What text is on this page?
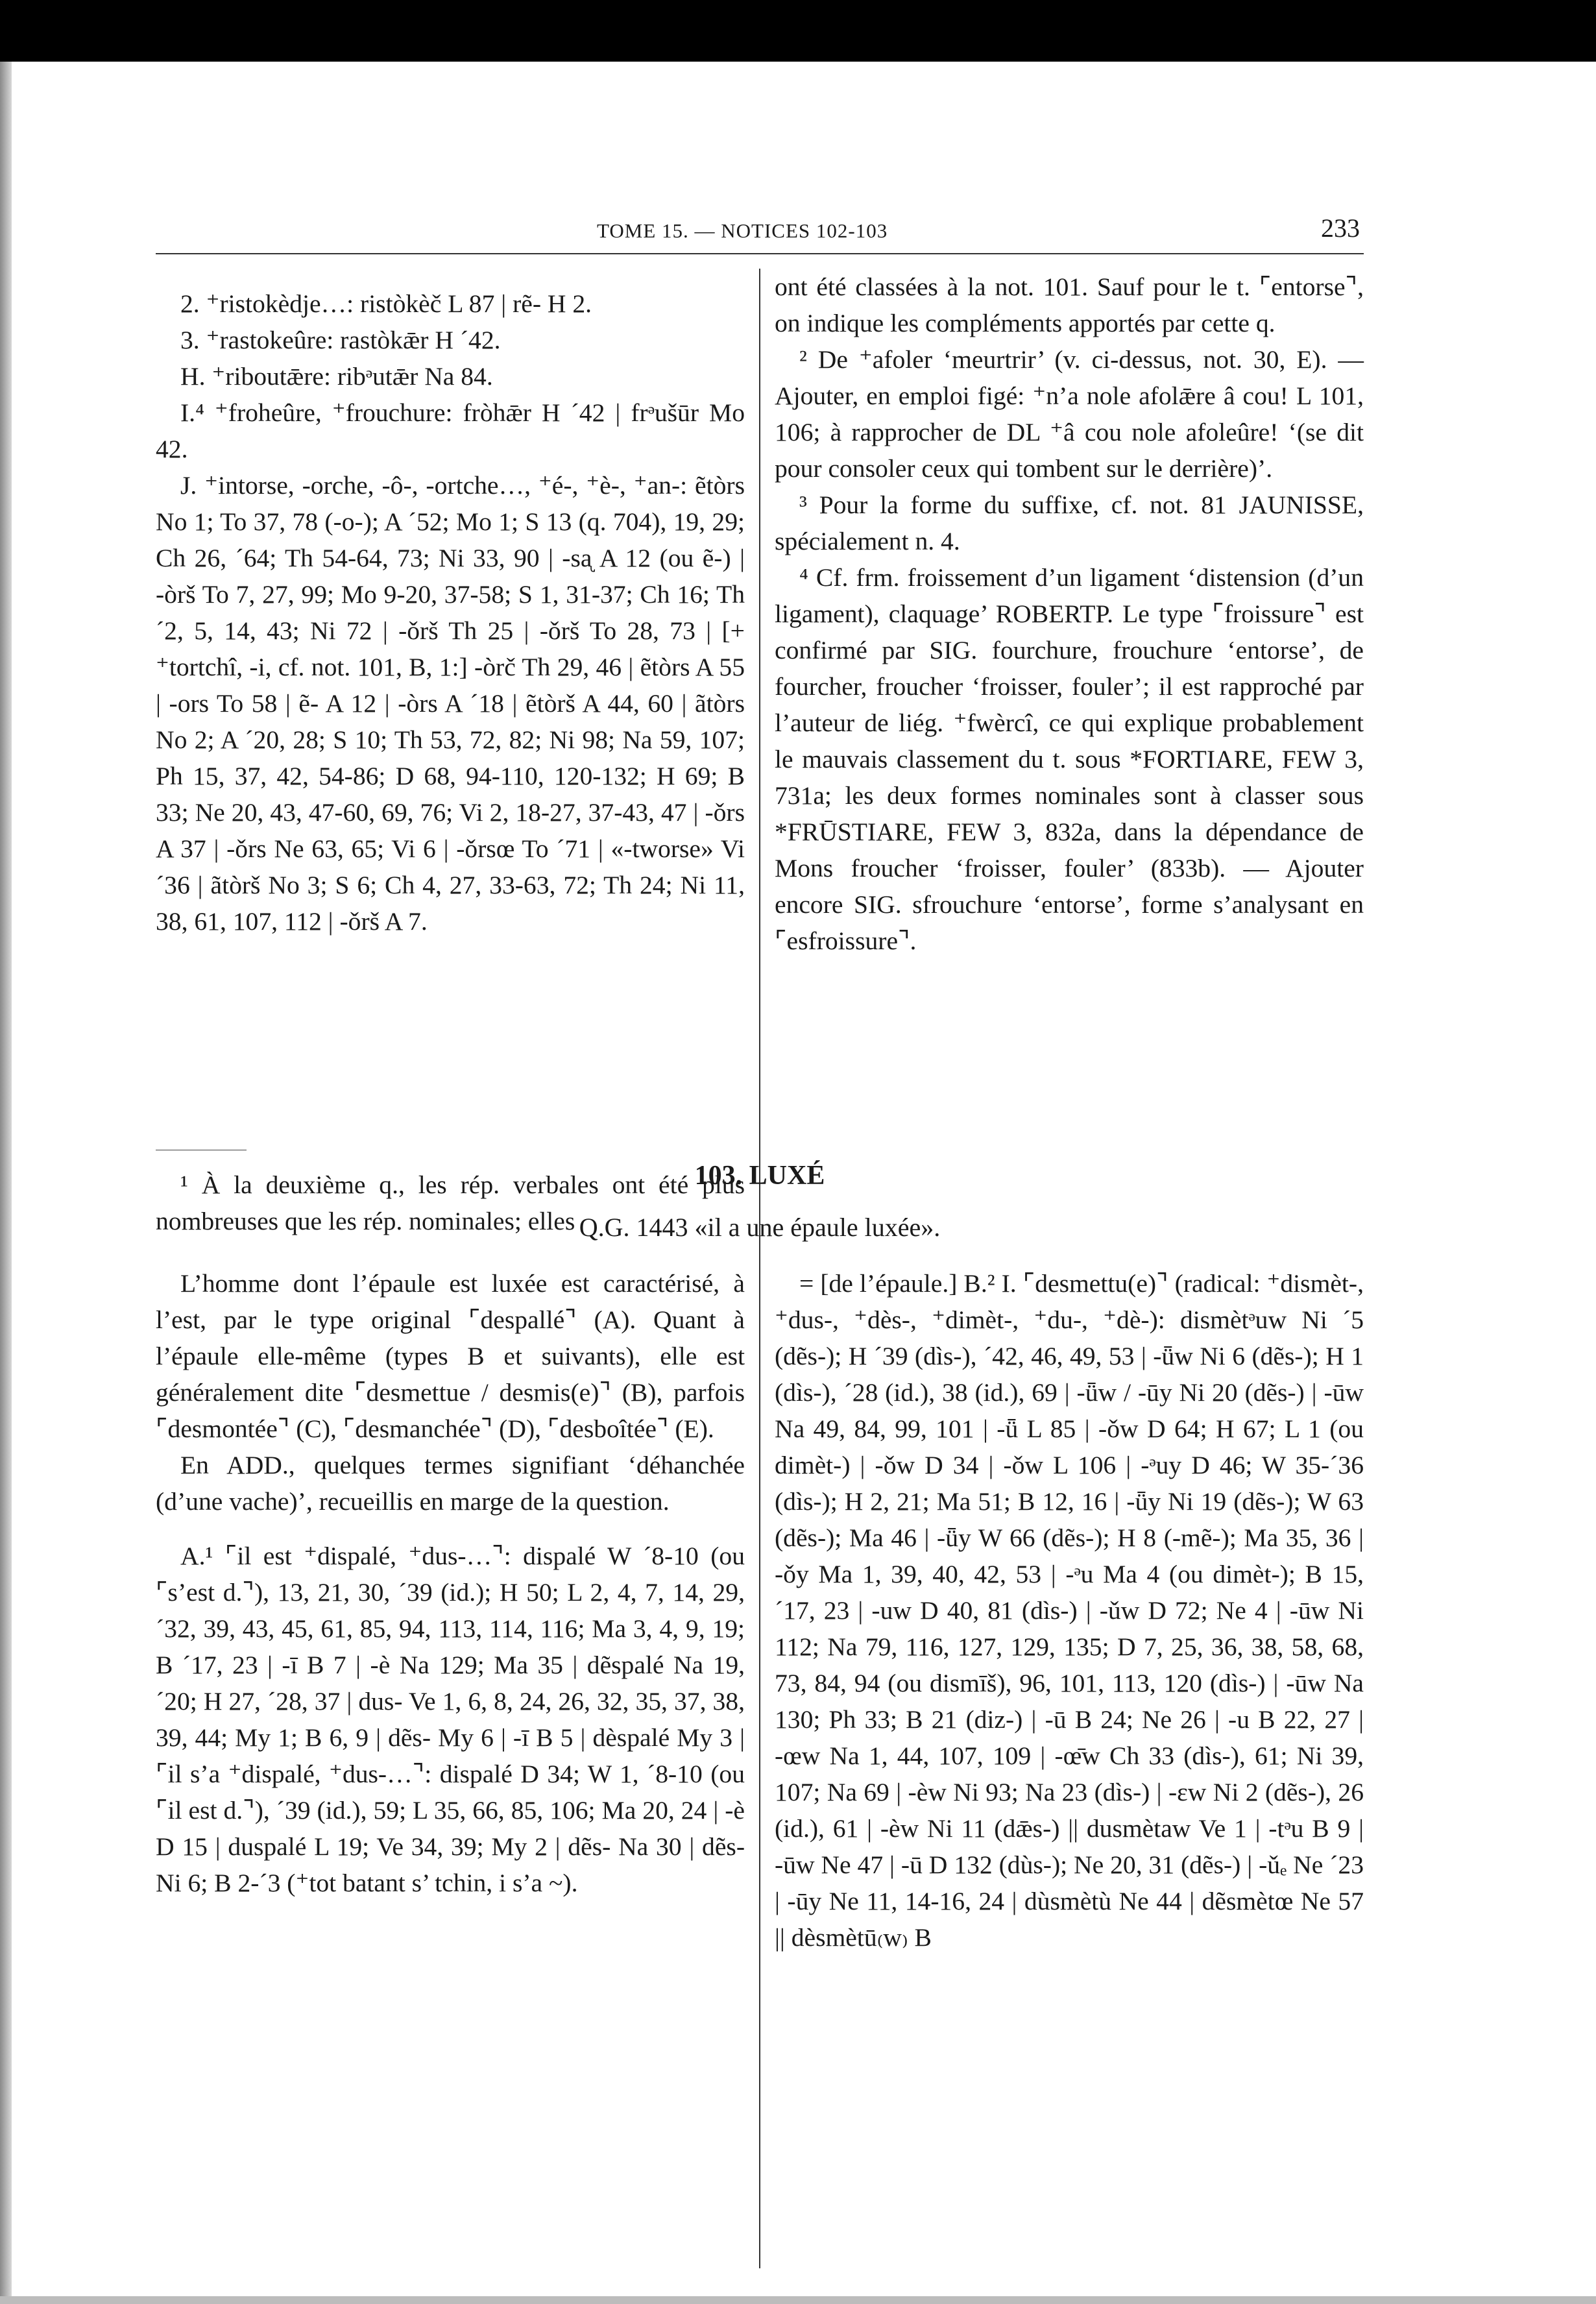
TOME 15. — NOTICES 102-103	233

2. ⁺ristokèdje…: ristòkèč L 87 | rẽ- H 2.

3. ⁺rastokeûre: rastòkǣr H ´42.

H. ⁺riboutǣre: ribᵊutǣr Na 84.

I.⁴ ⁺froheûre, ⁺frouchure: fròhǣr H ´42 | frᵊušūr Mo 42.

J. ⁺intorse, -orche, -ô-, -ortche…, ⁺é-, ⁺è-, ⁺an-: ẽtòrs No 1; To 37, 78 (-o-); A ´52; Mo 1; S 13 (q. 704), 19, 29; Ch 26, ´64; Th 54-64, 73; Ni 33, 90 | -sᶏ A 12 (ou ẽ-) | -òrš To 7, 27, 99; Mo 9-20, 37-58; S 1, 31-37; Ch 16; Th ´2, 5, 14, 43; Ni 72 | -ǒrš Th 25 | -ǒrš To 28, 73 | [+ ⁺tortchî, -i, cf. not. 101, B, 1:] -òrč Th 29, 46 | ẽtòrs A 55 | -ors To 58 | ẽ- A 12 | -òrs A ´18 | ẽtòrš A 44, 60 | ãtòrs No 2; A ´20, 28; S 10; Th 53, 72, 82; Ni 98; Na 59, 107; Ph 15, 37, 42, 54-86; D 68, 94-110, 120-132; H 69; B 33; Ne 20, 43, 47-60, 69, 76; Vi 2, 18-27, 37-43, 47 | -ǒrs A 37 | -ǒrs Ne 63, 65; Vi 6 | -ǒrsœ To ´71 | «-tworse» Vi ´36 | ãtòrš No 3; S 6; Ch 4, 27, 33-63, 72; Th 24; Ni 11, 38, 61, 107, 112 | -ǒrš A 7.

¹ À la deuxième q., les rép. verbales ont été plus nombreuses que les rép. nominales; elles

ont été classées à la not. 101. Sauf pour le t. ⌜entorse⌝, on indique les compléments apportés par cette q.

² De ⁺afoler ‘meurtrir’ (v. ci-dessus, not. 30, E). — Ajouter, en emploi figé: ⁺n’a nole afolǣre â cou! L 101, 106; à rapprocher de DL ⁺â cou nole afoleûre! ‘(se dit pour consoler ceux qui tombent sur le derrière)’.

³ Pour la forme du suffixe, cf. not. 81 JAUNISSE, spécialement n. 4.

⁴ Cf. frm. froissement d’un ligament ‘distension (d’un ligament), claquage’ ROBERTP. Le type ⌜froissure⌝ est confirmé par SIG. fourchure, frouchure ‘entorse’, de fourcher, froucher ‘froisser, fouler’; il est rapproché par l’auteur de liég. ⁺fwèrcî, ce qui explique probablement le mauvais classement du t. sous *FORTIARE, FEW 3, 731a; les deux formes nominales sont à classer sous *FRŪSTIARE, FEW 3, 832a, dans la dépendance de Mons froucher ‘froisser, fouler’ (833b). — Ajouter encore SIG. sfrouchure ‘entorse’, forme s’analysant en ⌜esfroissure⌝.

103. LUXÉ
Q.G. 1443 «il a une épaule luxée».

L’homme dont l’épaule est luxée est caractérisé, à l’est, par le type original ⌜despallé⌝ (A). Quant à l’épaule elle-même (types B et suivants), elle est généralement dite ⌜desmettue / desmis(e)⌝ (B), parfois ⌜desmontée⌝ (C), ⌜desmanchée⌝ (D), ⌜desboîtée⌝ (E).

En ADD., quelques termes signifiant ‘déhanchée (d’une vache)’, recueillis en marge de la question.

A.¹ ⌜il est ⁺dispalé, ⁺dus-…⌝: dispalé W ´8-10 (ou ⌜s’est d.⌝), 13, 21, 30, ´39 (id.); H 50; L 2, 4, 7, 14, 29, ´32, 39, 43, 45, 61, 85, 94, 113, 114, 116; Ma 3, 4, 9, 19; B ´17, 23 | -ī B 7 | -è Na 129; Ma 35 | dẽspalé Na 19, ´20; H 27, ´28, 37 | dus- Ve 1, 6, 8, 24, 26, 32, 35, 37, 38, 39, 44; My 1; B 6, 9 | dẽs- My 6 | -ī B 5 | dèspalé My 3 | ⌜il s’a ⁺dispalé, ⁺dus-…⌝: dispalé D 34; W 1, ´8-10 (ou ⌜il est d.⌝), ´39 (id.), 59; L 35, 66, 85, 106; Ma 20, 24 | -è D 15 | duspalé L 19; Ve 34, 39; My 2 | dẽs- Na 30 | dẽs- Ni 6; B 2-´3 (⁺tot batant s’ tchin, i s’a ~).

= [de l’épaule.] B.² I. ⌜desmettu(e)⌝ (radical: ⁺dismèt-, ⁺dus-, ⁺dès-, ⁺dimèt-, ⁺du-, ⁺dè-): dismètᵊuw Ni ´5 (dẽs-); H ´39 (dìs-), ´42, 46, 49, 53 | -ǖw Ni 6 (dẽs-); H 1 (dìs-), ´28 (id.), 38 (id.), 69 | -ǖw / -ūy Ni 20 (dẽs-) | -ūw Na 49, 84, 99, 101 | -ǖ L 85 | -ǒw D 64; H 67; L 1 (ou dimèt-) | -ǒw D 34 | -ǒw L 106 | -ᵊuy D 46; W 35-´36 (dìs-); H 2, 21; Ma 51; B 12, 16 | -ǖy Ni 19 (dẽs-); W 63 (dẽs-); Ma 46 | -ǖy W 66 (dẽs-); H 8 (-mẽ-); Ma 35, 36 | -ǒy Ma 1, 39, 40, 42, 53 | -ᵊu Ma 4 (ou dimèt-); B 15, ´17, 23 | -uw D 40, 81 (dìs-) | -ǔw D 72; Ne 4 | -ūw Ni 112; Na 79, 116, 127, 129, 135; D 7, 25, 36, 38, 58, 68, 73, 84, 94 (ou dismīš), 96, 101, 113, 120 (dìs-) | -ūw Na 130; Ph 33; B 21 (diz-) | -ū B 24; Ne 26 | -u B 22, 27 | -œw Na 1, 44, 107, 109 | -œ̄w Ch 33 (dìs-), 61; Ni 39, 107; Na 69 | -èw Ni 93; Na 23 (dìs-) | -ɛw Ni 2 (dẽs-), 26 (id.), 61 | -èw Ni 11 (dǣs-) || dusmètaw Ve 1 | -tᵊu B 9 | -ūw Ne 47 | -ū D 132 (dùs-); Ne 20, 31 (dẽs-) | -ǔₑ Ne ´23 | -ūy Ne 11, 14-16, 24 | dùsmètù Ne 44 | dẽsmètœ Ne 57 || dèsmètū₍w₎ B
